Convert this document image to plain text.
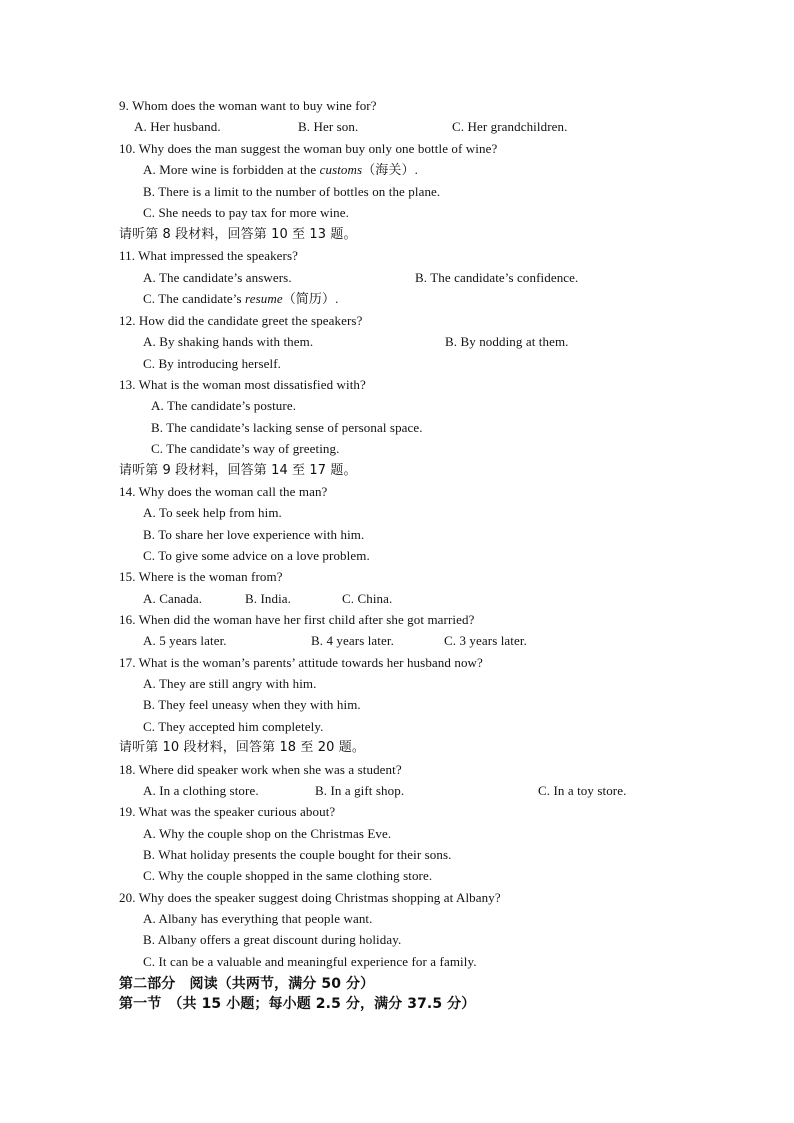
9. Whom does the woman want to buy wine for?
A. Her husband.	B. Her son.	C. Her grandchildren.
10. Why does the man suggest the woman buy only one bottle of wine?
A. More wine is forbidden at the customs（海关）.
B. There is a limit to the number of bottles on the plane.
C. She needs to pay tax for more wine.
请听第 8 段材料，回答第 10 至 13 题。
11. What impressed the speakers?
A. The candidate’s answers.	B. The candidate’s confidence.
C. The candidate’s resume（简历）.
12. How did the candidate greet the speakers?
A. By shaking hands with them.	B. By nodding at them.
C. By introducing herself.
13. What is the woman most dissatisfied with?
A. The candidate’s posture.
B. The candidate’s lacking sense of personal space.
C. The candidate’s way of greeting.
请听第 9 段材料，回答第 14 至 17 题。
14. Why does the woman call the man?
A. To seek help from him.
B. To share her love experience with him.
C. To give some advice on a love problem.
15. Where is the woman from?
A. Canada.	B. India.	C. China.
16. When did the woman have her first child after she got married?
A. 5 years later.	B. 4 years later.	C. 3 years later.
17. What is the woman’s parents’ attitude towards her husband now?
A. They are still angry with him.
B. They feel uneasy when they with him.
C. They accepted him completely.
请听第 10 段材料，回答第 18 至 20 题。
18. Where did speaker work when she was a student?
A. In a clothing store.	B. In a gift shop.	C. In a toy store.
19. What was the speaker curious about?
A. Why the couple shop on the Christmas Eve.
B. What holiday presents the couple bought for their sons.
C. Why the couple shopped in the same clothing store.
20. Why does the speaker suggest doing Christmas shopping at Albany?
A. Albany has everything that people want.
B. Albany offers a great discount during holiday.
C. It can be a valuable and meaningful experience for a family.
第二部分　阅读（共两节，满分 50 分）
第一节　（共 15 小题；每小题 2.5 分，满分 37.5 分）
